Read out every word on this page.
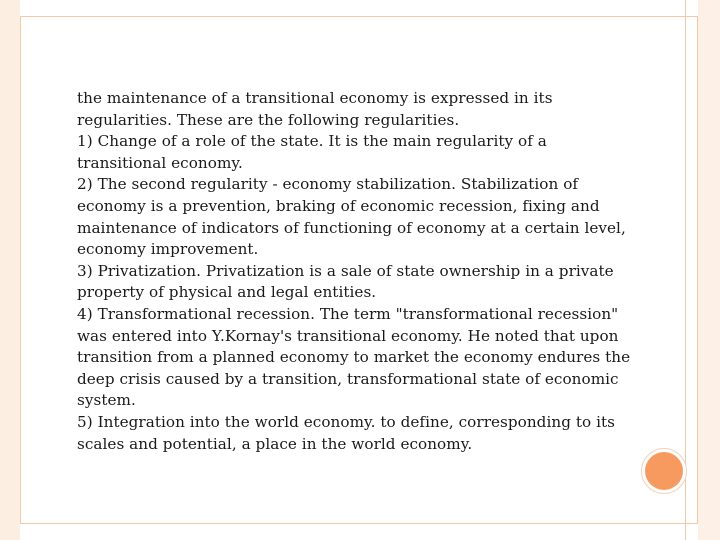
the maintenance of a transitional economy is expressed in its regularities. These are the following regularities.

1) Change of a role of the state. It is the main regularity of a transitional economy.

2) The second regularity - economy stabilization. Stabilization of economy is a prevention, braking of economic recession, fixing and maintenance of indicators of functioning of economy at a certain level, economy improvement.

3) Privatization. Privatization is a sale of state ownership in a private property of physical and legal entities.

4) Transformational recession. The term "transformational recession" was entered into Y.Kornay's transitional economy. He noted that upon transition from a planned economy to market the economy endures the deep crisis caused by a transition, transformational state of economic system.

5) Integration into the world economy. to define, corresponding to its scales and potential, a place in the world economy.
